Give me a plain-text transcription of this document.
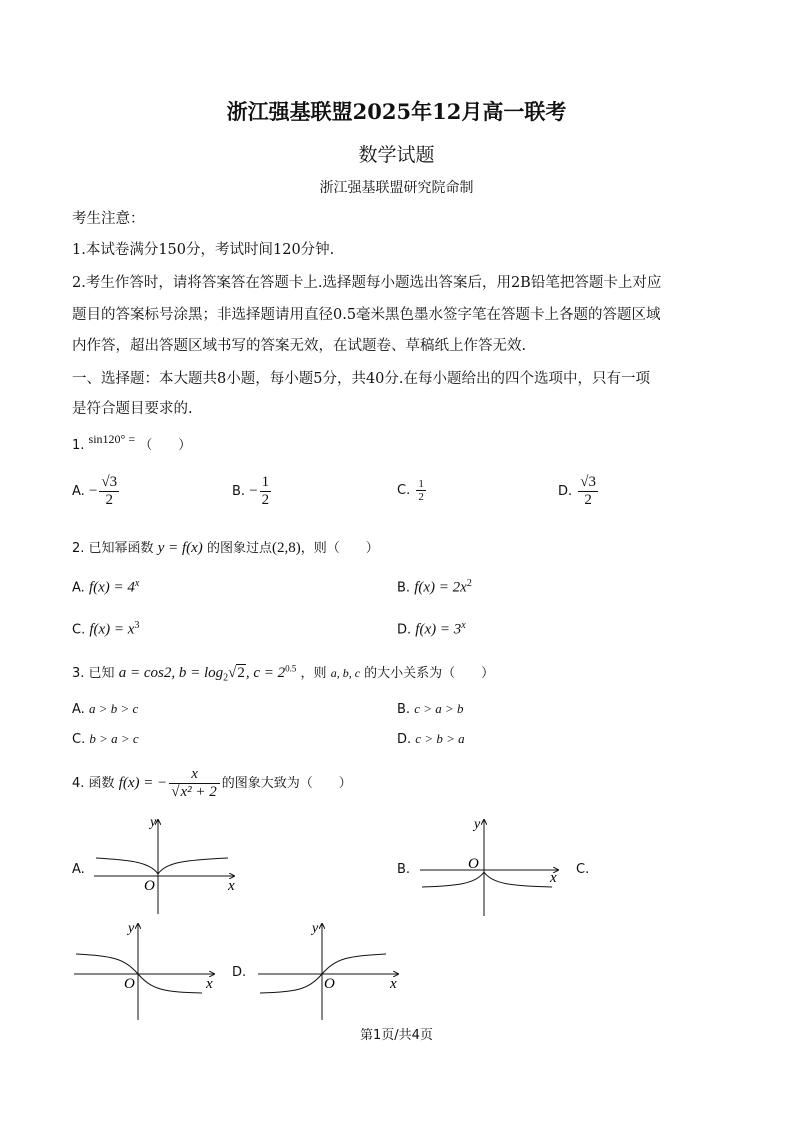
浙江强基联盟2025年12月高一联考
数学试题
浙江强基联盟研究院命制
考生注意：
1.本试卷满分150分，考试时间120分钟.
2.考生作答时，请将答案答在答题卡上.选择题每小题选出答案后，用2B铅笔把答题卡上对应
题目的答案标号涂黑；非选择题请用直径0.5毫米黑色墨水签字笔在答题卡上各题的答题区域
内作答，超出答题区域书写的答案无效，在试题卷、草稿纸上作答无效.
一、选择题：本大题共8小题，每小题5分，共40分.在每小题给出的四个选项中，只有一项
是符合题目要求的.
1. sin120° = （　　）
A. − $\frac{√3}{2}$	B. − $\frac{1}{2}$	C. $\frac{1}{2}$	D. $\frac{√3}{2}$
2. 已知幂函数 y = f(x) 的图象过点(2,8)，则（　　）
A. $f(x) = 4^x$	B. $f(x) = 2x^2$
C. $f(x) = x^3$	D. $f(x) = 3^x$
3. 已知 a = cos2, $b = \log_2√2$, $c = 2^{0.5}$ ，则 a, b, c 的大小关系为（　　）
A. a > b > c	B. c > a > b
C. b > a > c	D. c > b > a
4. 函数 f(x) = − $\frac{x}{\text{√x² + 2}}$ 的图象大致为（　　）
A.	B.	C.
D.
y
O	x
y
O
x
y
O	x
y
O	x
第1页/共4页
